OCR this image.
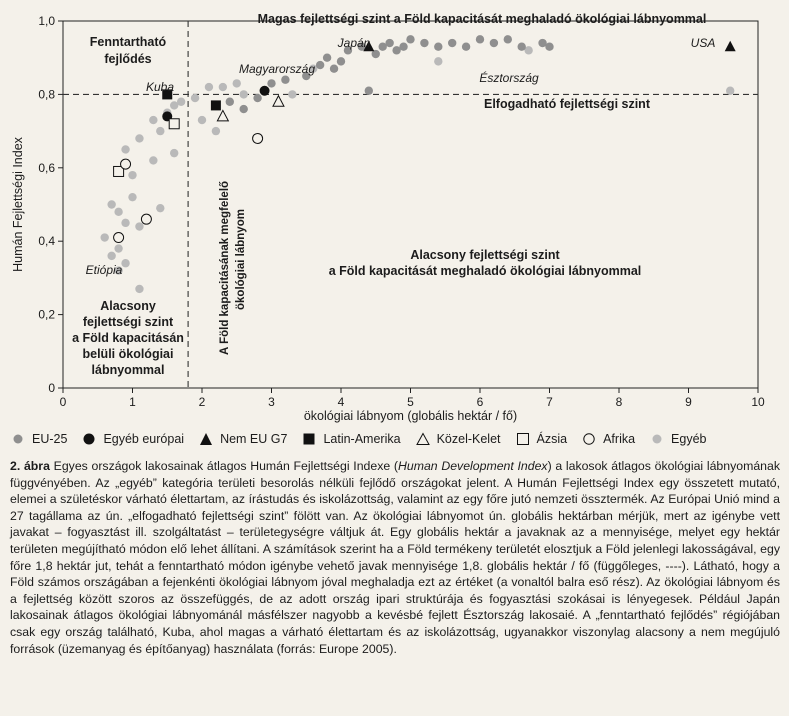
0	1	2	3	4	5	6	7	8	9	10
0
0,2
0,4
0,6
0,8
1,0
ökológiai lábnyom (globális hektár / fő)
Humán Fejlettségi Index
Magas fejlettségi szint a Föld kapacitását meghaladó ökológiai lábnyommal
Fenntartható
fejlődés
Elfogadható fejlettségi szint
Alacsony fejlettségi szint
a Föld kapacitását meghaladó ökológiai lábnyommal
Alacsony
fejlettségi szint
a Föld kapacitásán
belüli ökológiai
lábnyommal
A Föld kapacitásának megfelelő ökológiai lábnyom
Kuba
Magyarország
Japán	USA
Észtország
Etiópia
EU-25	Egyéb európai	Nem EU G7	Latin-Amerika	Közel-Kelet	Ázsia	Afrika	Egyéb
2. ábra Egyes országok lakosainak átlagos Humán Fejlettségi Indexe (Human Development Index) a lakosok átlagos ökológiai lábnyomának függvényében. Az „egyéb” kategória területi besorolás nélküli fejlődő országokat jelent. A Humán Fejlettségi Index egy összetett mutató, elemei a születéskor várható élettartam, az írástudás és iskolázottság, valamint az egy főre jutó nemzeti össztermék. Az Európai Unió mind a 27 tagállama az ún. „elfogadható fejlettségi szint” fölött van. Az ökológiai lábnyomot ún. globális hektárban mérjük, mert az igénybe vett javakat – fogyasztást ill. szolgáltatást – területegységre váltjuk át. Egy globális hektár a javaknak az a mennyisége, melyet egy hektár területen megújítható módon elő lehet állítani. A számítások szerint ha a Föld termékeny területét elosztjuk a Föld jelenlegi lakosságával, egy főre 1,8 hektár jut, tehát a fenntartható módon igénybe vehető javak mennyisége 1,8. globális hektár / fő (függőleges, ----). Látható, hogy a Föld számos országában a fejenkénti ökológiai lábnyom jóval meghaladja ezt az értéket (a vonaltól balra eső rész). Az ökológiai lábnyom és a fejlettség között szoros az összefüggés, de az adott ország ipari struktúrája és fogyasztási szokásai is lényegesek. Például Japán lakosainak átlagos ökológiai lábnyománál másfélszer nagyobb a kevésbé fejlett Észtország lakosaié. A „fenntartható fejlődés” régiójában csak egy ország található, Kuba, ahol magas a várható élettartam és az iskolázottság, ugyanakkor viszonylag alacsony a nem megújuló források (üzemanyag és építőanyag) használata (forrás: Europe 2005).
